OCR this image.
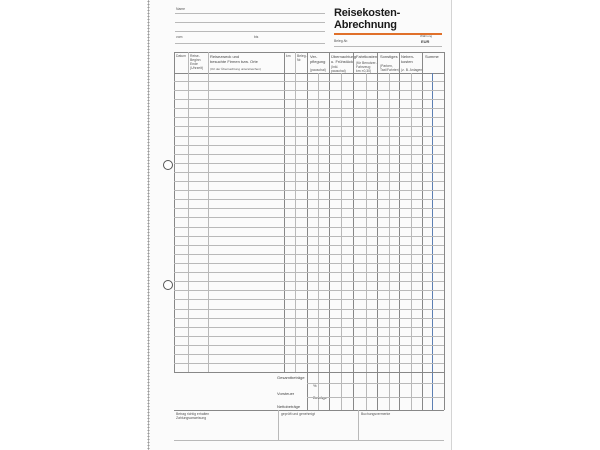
Name
vom	bis
Reisekosten-
Abrechnung
Beleg-Nr.
Währung
EUR
Datum Reise-
Beginn
Ende
(Uhrzeit)
Reisezweck und
besuchte Firmen bzw. Orte
(Ort der Übernachtung unterstreichen)
km Beleg-
Nr.
Ver-
pflegung
(pauschal)
Übernachtung
u. Frühstück
(Inkl.
pauschal)
Fahrtkosten
(für Benutzer-
Fahrzeug
km ×0,30)
Sonstiges
(Parken,
Taxi/Fahrten)
Neben-
kosten
(z. B. Anlagen)
Summe
Gesamtbeträge
%
Vorsteuer
Beträge
Nettobeträge
Betrag richtig erhalten
Zahlungsanweisung
geprüft und genehmigt	Buchungsvermerke
